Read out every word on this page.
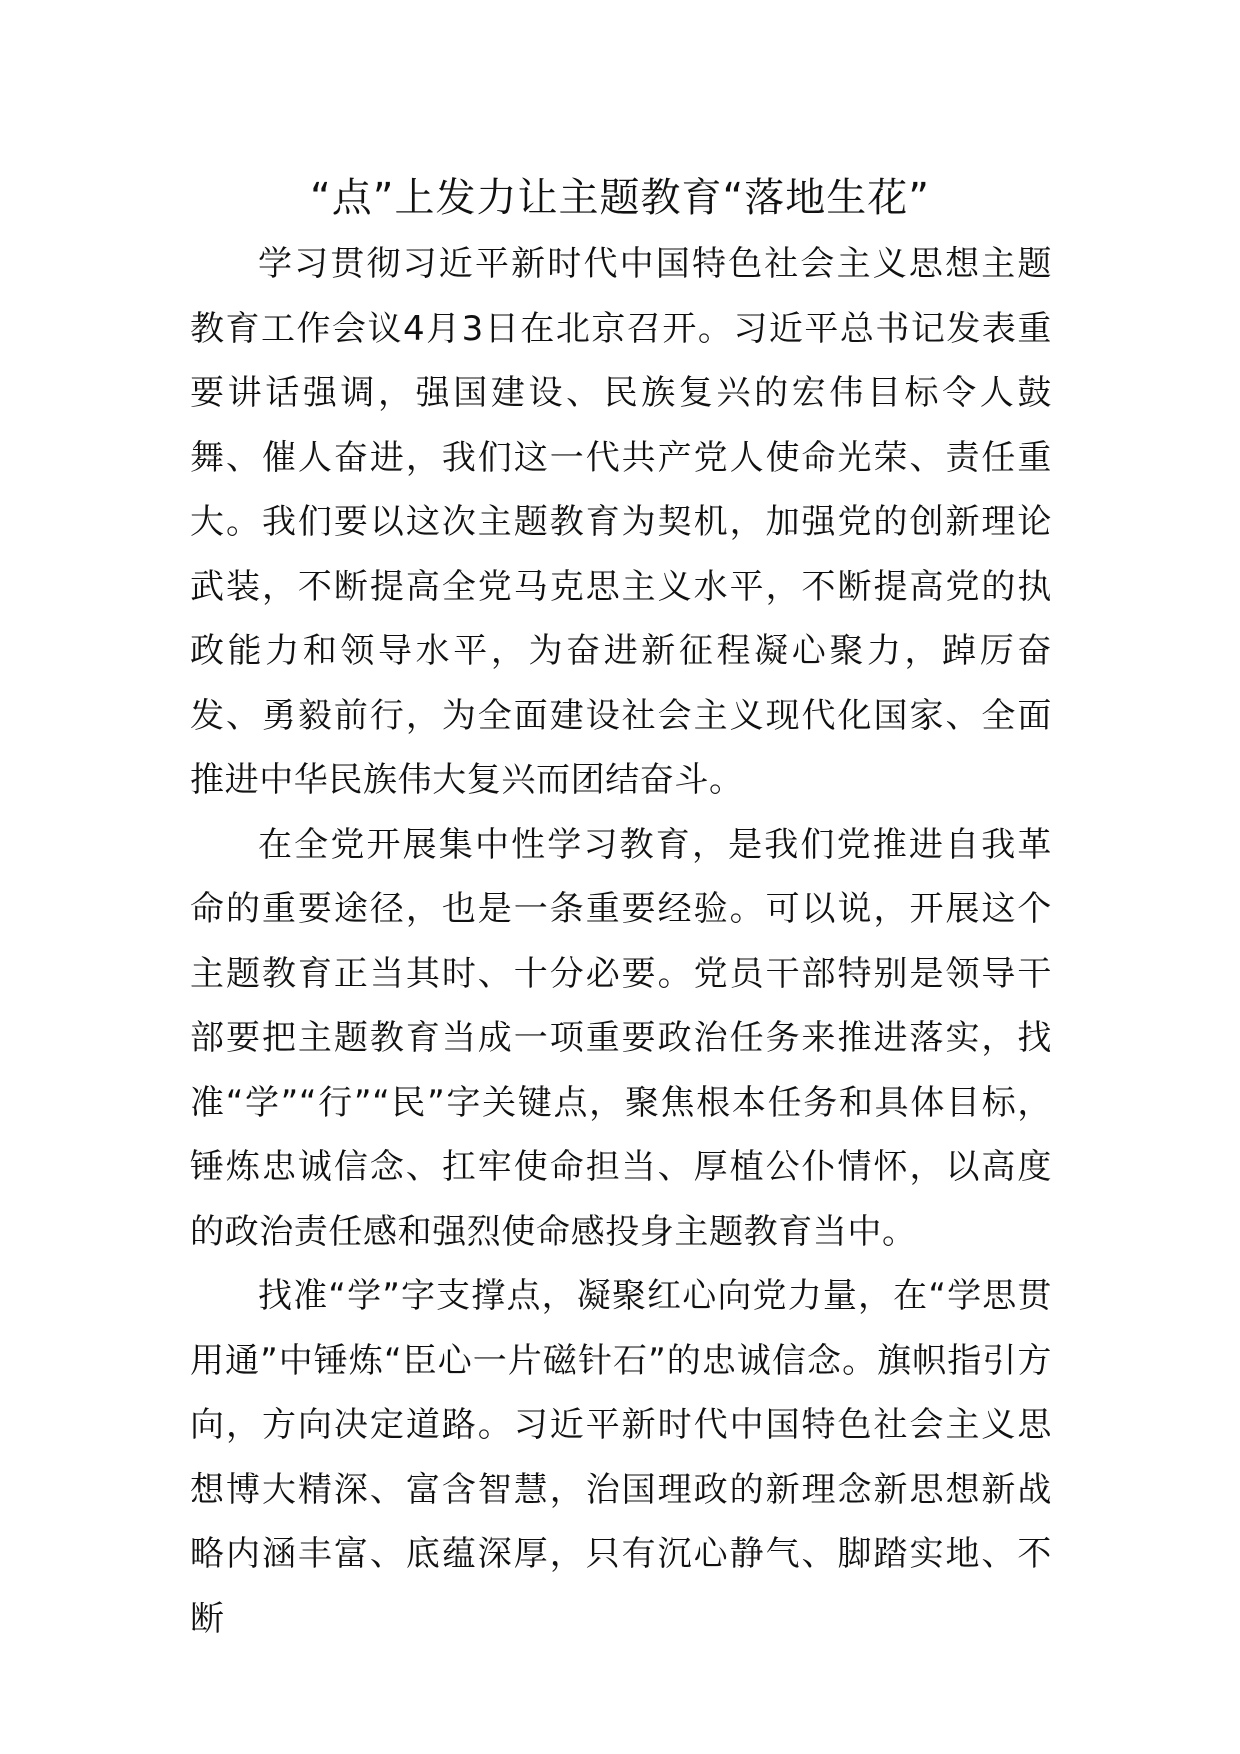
“点”上发力让主题教育“落地生花”

学习贯彻习近平新时代中国特色社会主义思想主题教育工作会议4月3日在北京召开。习近平总书记发表重要讲话强调，强国建设、民族复兴的宏伟目标令人鼓舞、催人奋进，我们这一代共产党人使命光荣、责任重大。我们要以这次主题教育为契机，加强党的创新理论武装，不断提高全党马克思主义水平，不断提高党的执政能力和领导水平，为奋进新征程凝心聚力，踔厉奋发、勇毅前行，为全面建设社会主义现代化国家、全面推进中华民族伟大复兴而团结奋斗。

在全党开展集中性学习教育，是我们党推进自我革命的重要途径，也是一条重要经验。可以说，开展这个主题教育正当其时、十分必要。党员干部特别是领导干部要把主题教育当成一项重要政治任务来推进落实，找准“学”“行”“民”字关键点，聚焦根本任务和具体目标，锤炼忠诚信念、扛牢使命担当、厚植公仆情怀，以高度的政治责任感和强烈使命感投身主题教育当中。

找准“学”字支撑点，凝聚红心向党力量，在“学思贯用通”中锤炼“臣心一片磁针石”的忠诚信念。旗帜指引方向，方向决定道路。习近平新时代中国特色社会主义思想博大精深、富含智慧，治国理政的新理念新思想新战略内涵丰富、底蕴深厚，只有沉心静气、脚踏实地、不断
